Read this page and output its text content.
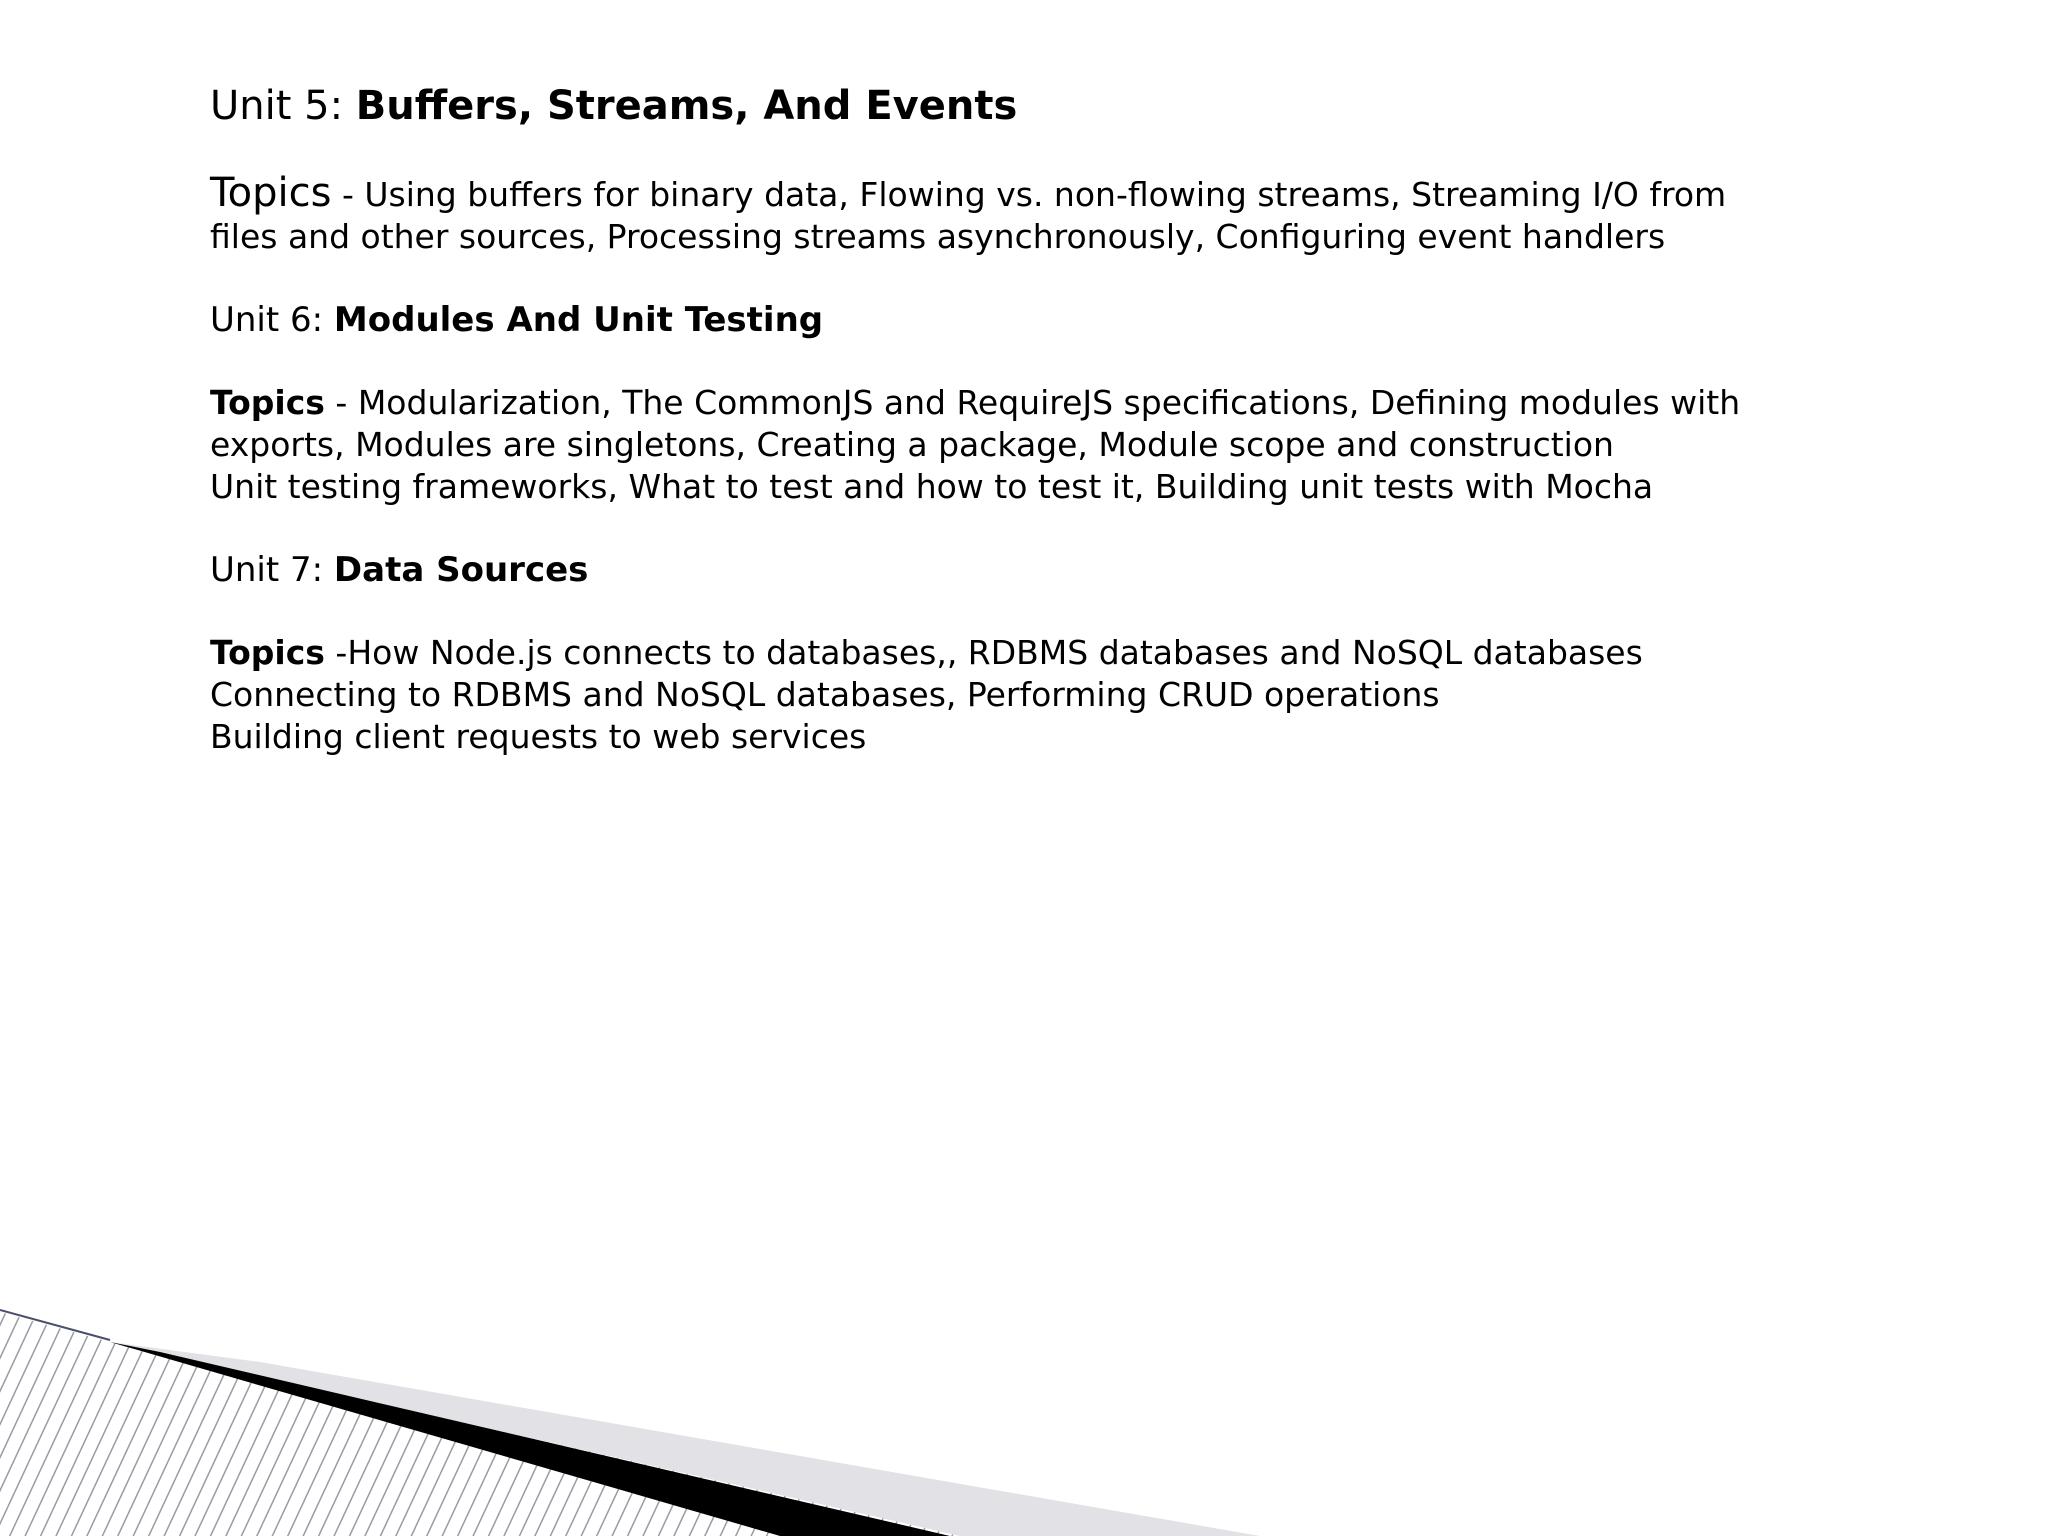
Unit 5: Buffers, Streams, And Events

Topics - Using buffers for binary data, Flowing vs. non-flowing streams, Streaming I/O from
files and other sources, Processing streams asynchronously, Configuring event handlers

Unit 6: Modules And Unit Testing

Topics - Modularization, The CommonJS and RequireJS specifications, Defining modules with
exports, Modules are singletons, Creating a package, Module scope and construction
Unit testing frameworks, What to test and how to test it, Building unit tests with Mocha

Unit 7: Data Sources

Topics -How Node.js connects to databases,, RDBMS databases and NoSQL databases
Connecting to RDBMS and NoSQL databases, Performing CRUD operations
Building client requests to web services
